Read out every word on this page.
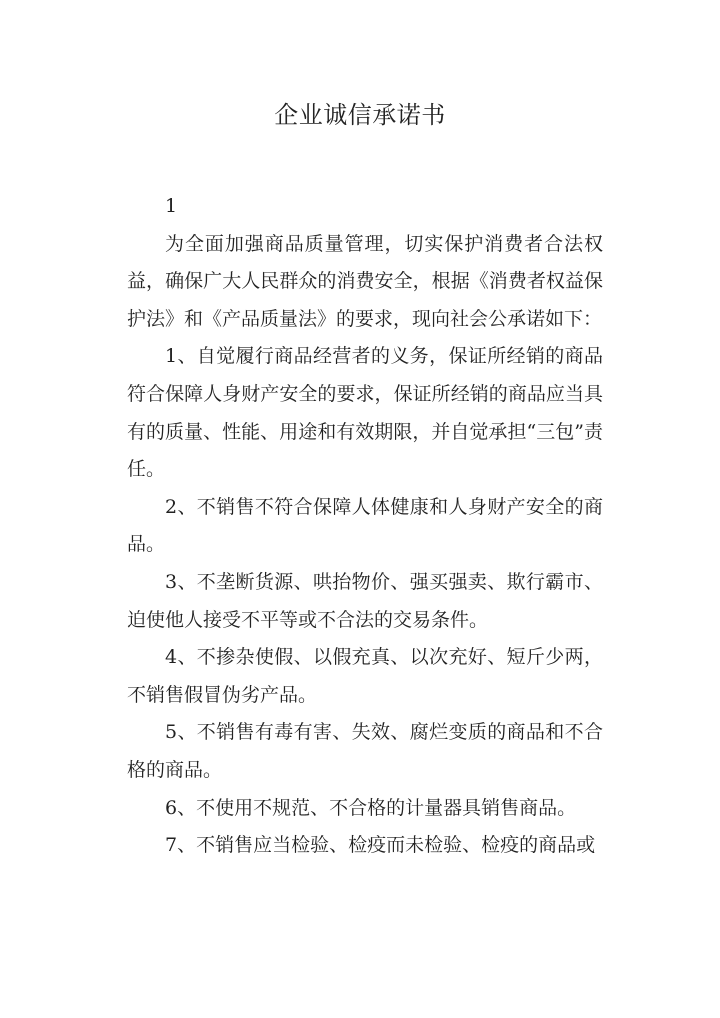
企业诚信承诺书

1

为全面加强商品质量管理，切实保护消费者合法权益，确保广大人民群众的消费安全，根据《消费者权益保护法》和《产品质量法》的要求，现向社会公承诺如下：

1、自觉履行商品经营者的义务，保证所经销的商品符合保障人身财产安全的要求，保证所经销的商品应当具有的质量、性能、用途和有效期限，并自觉承担“三包”责任。

2、不销售不符合保障人体健康和人身财产安全的商品。

3、不垄断货源、哄抬物价、强买强卖、欺行霸市、迫使他人接受不平等或不合法的交易条件。

4、不掺杂使假、以假充真、以次充好、短斤少两，不销售假冒伪劣产品。

5、不销售有毒有害、失效、腐烂变质的商品和不合格的商品。

6、不使用不规范、不合格的计量器具销售商品。

7、不销售应当检验、检疫而未检验、检疫的商品或
